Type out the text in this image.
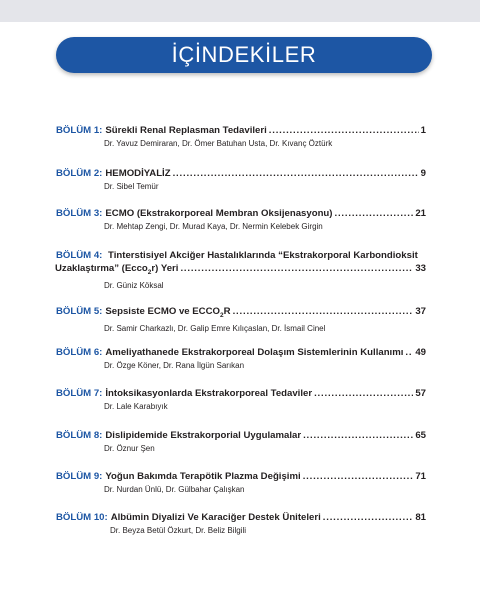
İÇİNDEKİLER
BÖLÜM 1: Sürekli Renal Replasman Tedavileri .....	1
Dr. Yavuz Demiraran, Dr. Ömer Batuhan Usta, Dr. Kıvanç Öztürk
BÖLÜM 2: HEMODİYALİZ .....	9
Dr. Sibel Temür
BÖLÜM 3: ECMO (Ekstrakorporeal Membran Oksijenasyonu) .....	21
Dr. Mehtap Zengi, Dr. Murad Kaya, Dr. Nermin Kelebek Girgin
BÖLÜM 4: Tinterstisiyel Akciğer Hastalıklarında “Ekstrakorporal Karbondioksit
Uzaklaştırma” (Ecco$_2$r) Yeri .....	33
Dr. Güniz Köksal
BÖLÜM 5: Sepsiste ECMO ve $ECCO_2R$ .....	37
Dr. Samir Charkazlı, Dr. Galip Emre Kılıçaslan, Dr. İsmail Cinel
BÖLÜM 6: Ameliyathanede Ekstrakorporeal Dolaşım Sistemlerinin Kullanımı ..... 49
Dr. Özge Köner, Dr. Rana İlgün Sarıkan
BÖLÜM 7: İntoksikasyonlarda Ekstrakorporeal Tedaviler .....	57
Dr. Lale Karabıyık
BÖLÜM 8: Dislipidemide Ekstrakorporial Uygulamalar .....	65
Dr. Öznur Şen
BÖLÜM 9: Yoğun Bakımda Terapötik Plazma Değişimi .....	71
Dr. Nurdan Ünlü, Dr. Gülbahar Çalışkan
BÖLÜM 10: Albümin Diyalizi Ve Karaciğer Destek Üniteleri .....	81
Dr. Beyza Betül Özkurt, Dr. Beliz Bilgili
